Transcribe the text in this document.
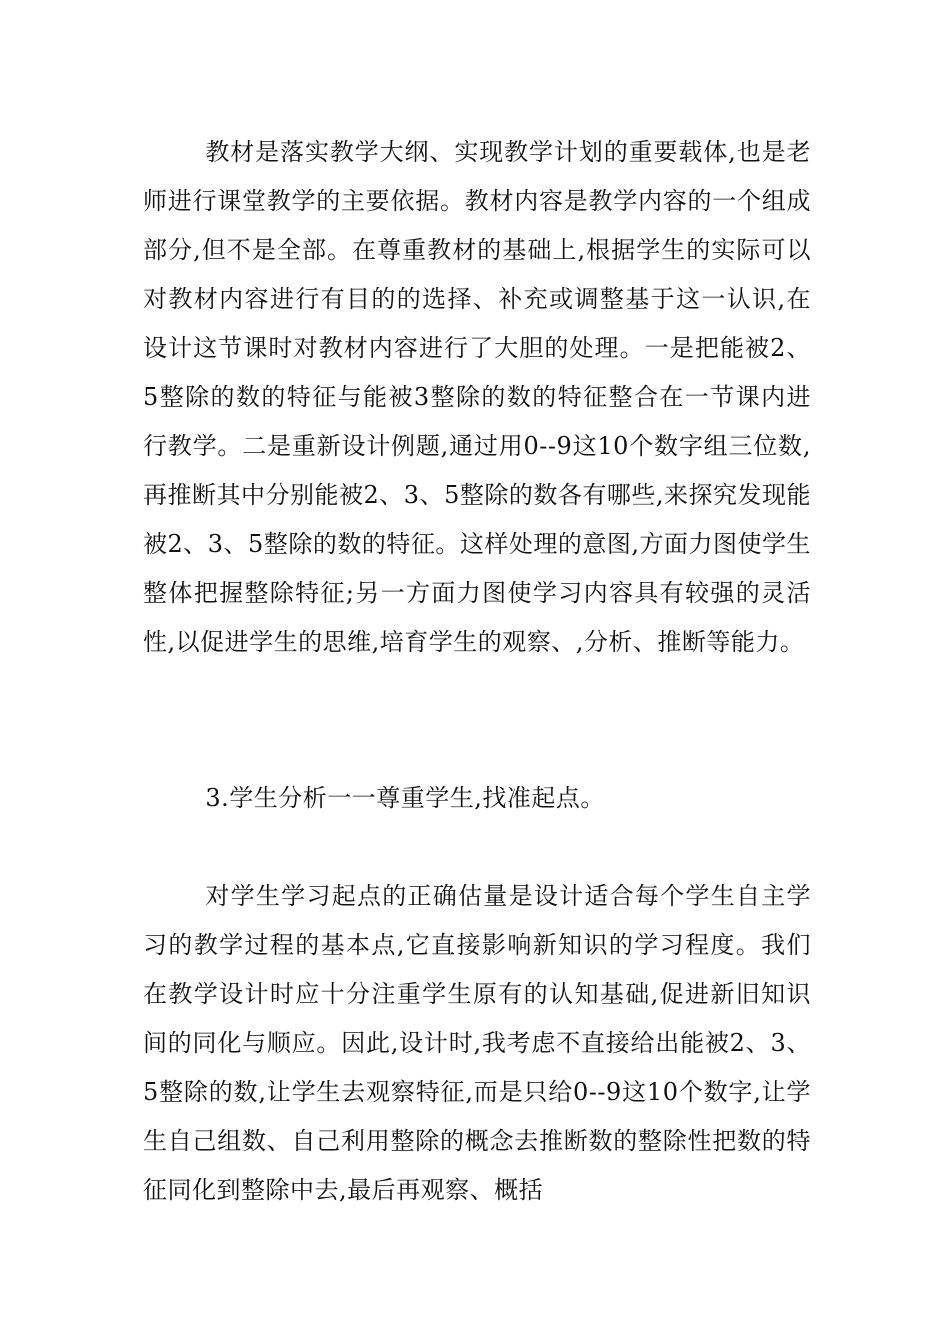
教材是落实教学大纲、实现教学计划的重要载体,也是老师进行课堂教学的主要依据。教材内容是教学内容的一个组成部分,但不是全部。在尊重教材的基础上,根据学生的实际可以对教材内容进行有目的的选择、补充或调整基于这一认识,在设计这节课时对教材内容进行了大胆的处理。一是把能被2、5整除的数的特征与能被3整除的数的特征整合在一节课内进行教学。二是重新设计例题,通过用0--9这10个数字组三位数,再推断其中分别能被2、3、5整除的数各有哪些,来探究发现能被2、3、5整除的数的特征。这样处理的意图,方面力图使学生整体把握整除特征;另一方面力图使学习内容具有较强的灵活性,以促进学生的思维,培育学生的观察、,分析、推断等能力。

3.学生分析一一尊重学生,找准起点。

对学生学习起点的正确估量是设计适合每个学生自主学习的教学过程的基本点,它直接影响新知识的学习程度。我们在教学设计时应十分注重学生原有的认知基础,促进新旧知识间的同化与顺应。因此,设计时,我考虑不直接给出能被2、3、5整除的数,让学生去观察特征,而是只给0--9这10个数字,让学生自己组数、自己利用整除的概念去推断数的整除性把数的特征同化到整除中去,最后再观察、概括
